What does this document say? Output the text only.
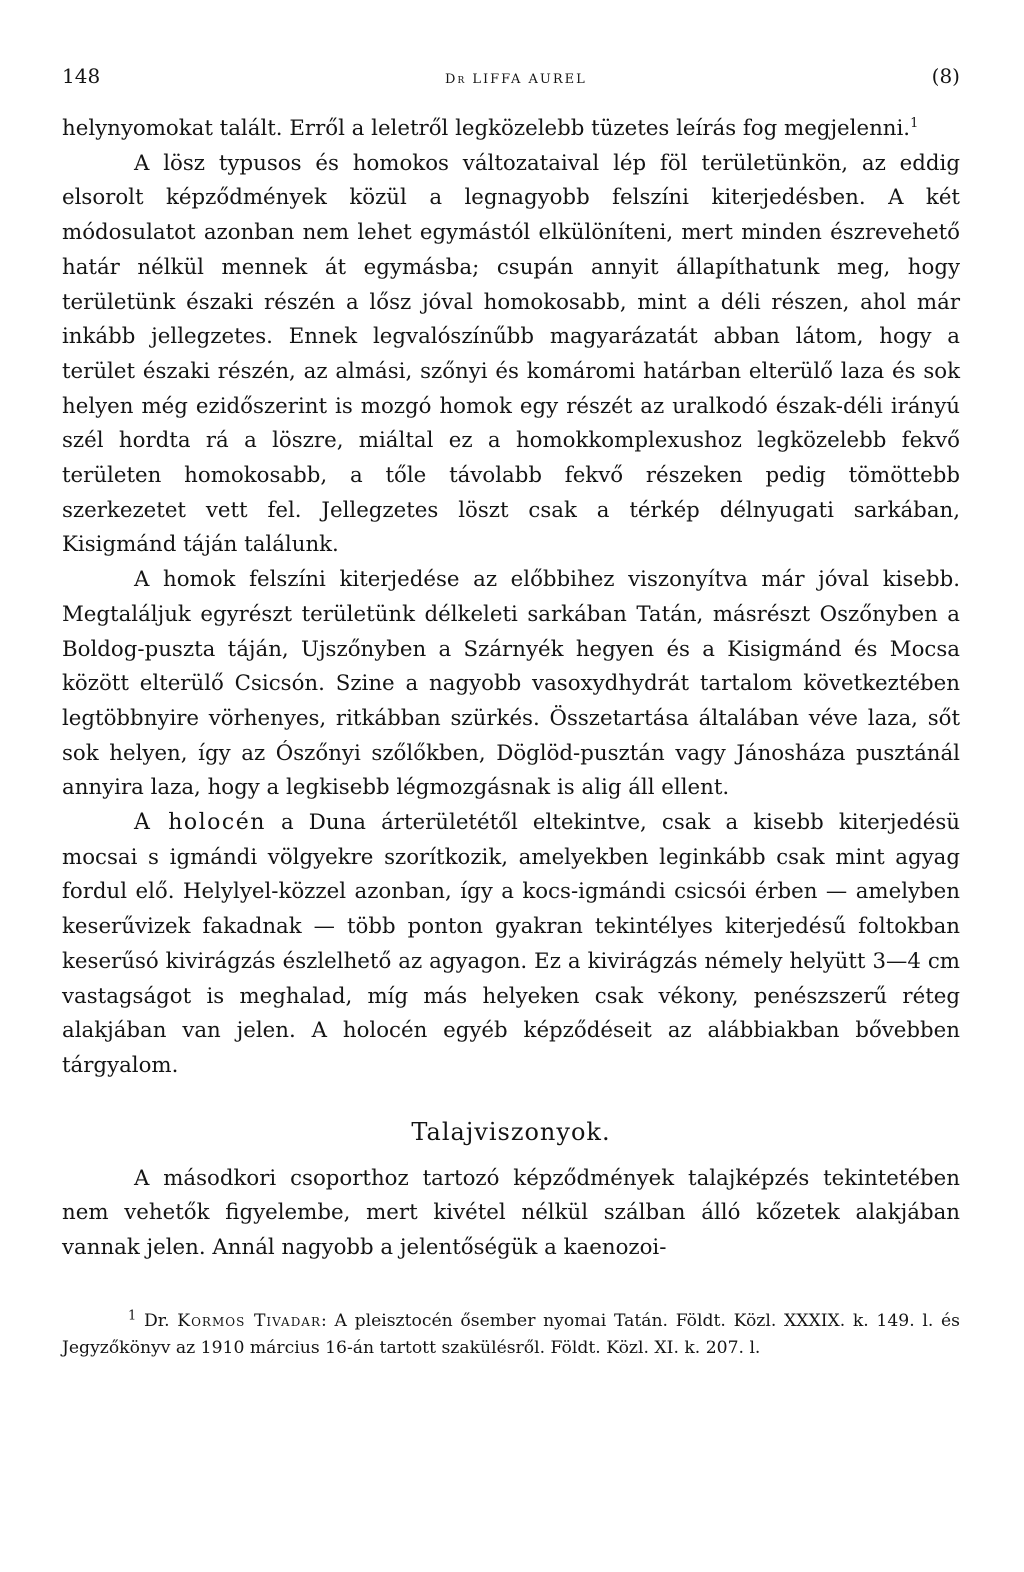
148	Dr LIFFA AUREL	(8)

helynyomokat talált. Erről a leletről legközelebb tüzetes leírás fog megjelenni.$^1$

A lösz typusos és homokos változataival lép föl területünkön, az eddig elsorolt képződmények közül a legnagyobb felszíni kiterjedésben. A két módosulatot azonban nem lehet egymástól elkülöníteni, mert minden észrevehető határ nélkül mennek át egymásba; csupán annyit állapíthatunk meg, hogy területünk északi részén a lősz jóval homokosabb, mint a déli részen, ahol már inkább jellegzetes. Ennek legvalószínűbb magyarázatát abban látom, hogy a terület északi részén, az almási, szőnyi és komáromi határban elterülő laza és sok helyen még ezidőszerint is mozgó homok egy részét az uralkodó észak-déli irányú szél hordta rá a löszre, miáltal ez a homokkomplexushoz legközelebb fekvő területen homokosabb, a tőle távolabb fekvő részeken pedig tömöttebb szerkezetet vett fel. Jellegzetes löszt csak a térkép délnyugati sarkában, Kisigmánd táján találunk.

A homok felszíni kiterjedése az előbbihez viszonyítva már jóval kisebb. Megtaláljuk egyrészt területünk délkeleti sarkában Tatán, másrészt Oszőnyben a Boldog-puszta táján, Ujszőnyben a Szárnyék hegyen és a Kisigmánd és Mocsa között elterülő Csicsón. Szine a nagyobb vasoxydhydrát tartalom következtében legtöbbnyire vörhenyes, ritkábban szürkés. Összetartása általában véve laza, sőt sok helyen, így az Ószőnyi szőlőkben, Döglöd-pusztán vagy Jánosháza pusztánál annyira laza, hogy a legkisebb légmozgásnak is alig áll ellent.

A holocén a Duna árterületétől eltekintve, csak a kisebb kiterjedésü mocsai s igmándi völgyekre szorítkozik, amelyekben leginkább csak mint agyag fordul elő. Helylyel-közzel azonban, így a kocs-igmándi csicsói érben — amelyben keserűvizek fakadnak — több ponton gyakran tekintélyes kiterjedésű foltokban keserűsó kivirágzás észlelhető az agyagon. Ez a kivirágzás némely helyütt 3—4 cm vastagságot is meghalad, míg más helyeken csak vékony, penészszerű réteg alakjában van jelen. A holocén egyéb képződéseit az alábbiakban bővebben tárgyalom.

Talajviszonyok.

A másodkori csoporthoz tartozó képződmények talajképzés tekintetében nem vehetők figyelembe, mert kivétel nélkül szálban álló kőzetek alakjában vannak jelen. Annál nagyobb a jelentőségük a kaenozoi-

$^1$ Dr. Kormos Tivadar: A pleisztocén ősember nyomai Tatán. Földt. Közl. XXXIX. k. 149. l. és Jegyzőkönyv az 1910 március 16-án tartott szakülésről. Földt. Közl. XI. k. 207. l.
